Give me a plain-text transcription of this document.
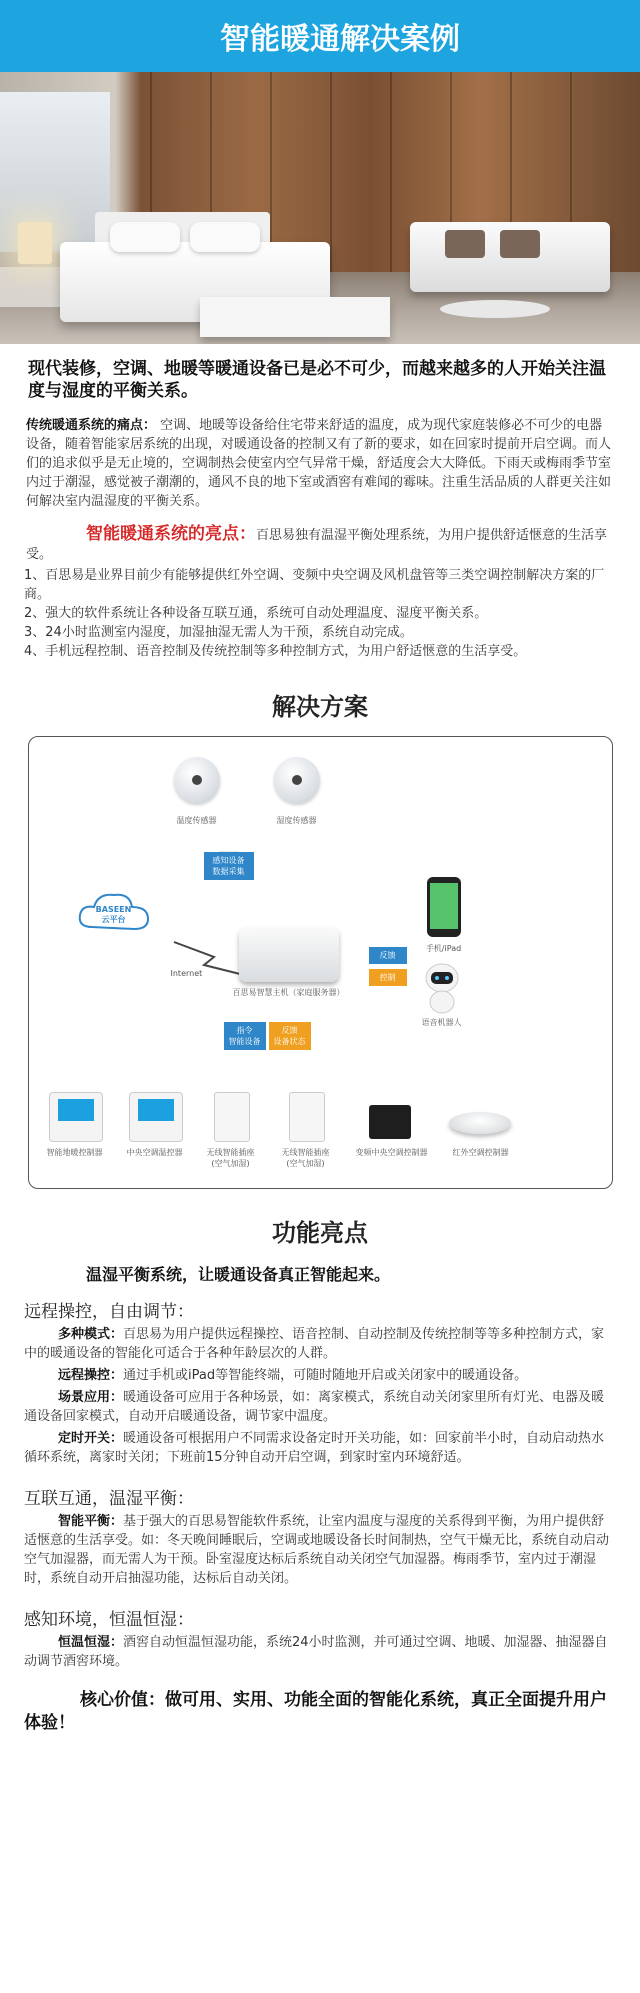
智能暖通解决案例

现代装修，空调、地暖等暖通设备已是必不可少，而越来越多的人开始关注温度与湿度的平衡关系。

传统暖通系统的痛点： 空调、地暖等设备给住宅带来舒适的温度，成为现代家庭装修必不可少的电器设备，随着智能家居系统的出现，对暖通设备的控制又有了新的要求，如在回家时提前开启空调。而人们的追求似乎是无止境的，空调制热会使室内空气异常干燥，舒适度会大大降低。下雨天或梅雨季节室内过于潮湿，感觉被子潮潮的，通风不良的地下室或酒窖有难闻的霉味。注重生活品质的人群更关注如何解决室内温湿度的平衡关系。

智能暖通系统的亮点：百思易独有温湿平衡处理系统，为用户提供舒适惬意的生活享受。

1、百思易是业界目前少有能够提供红外空调、变频中央空调及风机盘管等三类空调控制解决方案的厂商。
2、强大的软件系统让各种设备互联互通，系统可自动处理温度、湿度平衡关系。
3、24小时监测室内湿度，加湿抽湿无需人为干预，系统自动完成。
4、手机远程控制、语音控制及传统控制等多种控制方式，为用户舒适惬意的生活享受。
解决方案
温度传感器	湿度传感器
感知设备
数据采集
BASEEN
云平台
Internet
百思易智慧主机（家庭服务器）
反馈
控制
手机/iPad
语音机器人
指令
智能设备
反馈
设备状态
智能地暖控制器	中央空调温控器	无线智能插座
(空气加湿)
无线智能插座
(空气加湿)
变频中央空调控制器	红外空调控制器
功能亮点

温湿平衡系统，让暖通设备真正智能起来。

远程操控，自由调节：

多种模式：百思易为用户提供远程操控、语音控制、自动控制及传统控制等等多种控制方式，家中的暖通设备的智能化可适合于各种年龄层次的人群。

远程操控：通过手机或iPad等智能终端，可随时随地开启或关闭家中的暖通设备。

场景应用：暖通设备可应用于各种场景，如：离家模式，系统自动关闭家里所有灯光、电器及暖通设备回家模式，自动开启暖通设备，调节家中温度。

定时开关：暖通设备可根据用户不同需求设备定时开关功能，如：回家前半小时，自动启动热水循环系统，离家时关闭；下班前15分钟自动开启空调，到家时室内环境舒适。

互联互通，温湿平衡：

智能平衡：基于强大的百思易智能软件系统，让室内温度与湿度的关系得到平衡，为用户提供舒适惬意的生活享受。如：冬天晚间睡眠后，空调或地暖设备长时间制热，空气干燥无比，系统自动启动空气加湿器，而无需人为干预。卧室湿度达标后系统自动关闭空气加湿器。梅雨季节，室内过于潮湿时，系统自动开启抽湿功能，达标后自动关闭。

感知环境，恒温恒湿：

恒温恒湿：酒窖自动恒温恒湿功能，系统24小时监测，并可通过空调、地暖、加湿器、抽湿器自动调节酒窖环境。

核心价值：做可用、实用、功能全面的智能化系统，真正全面提升用户体验！
